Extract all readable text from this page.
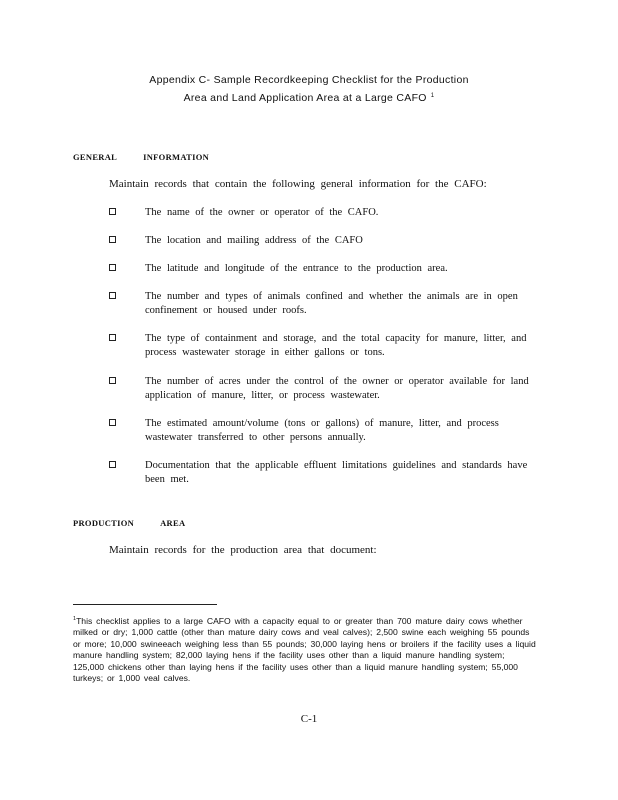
Appendix C- Sample Recordkeeping Checklist for the Production
Area and Land Application Area at a Large CAFO $^1$
GENERAL	INFORMATION
Maintain records that contain the following general information for the CAFO:
The name of the owner or operator of the CAFO.
The location and mailing address of the CAFO
The latitude and longitude of the entrance to the production area.
The number and types of animals confined and whether the animals are in open confinement or housed under roofs.
The type of containment and storage, and the total capacity for manure, litter, and process wastewater storage in either gallons or tons.
The number of acres under the control of the owner or operator available for land application of manure, litter, or process wastewater.
The estimated amount/volume (tons or gallons) of manure, litter, and process wastewater transferred to other persons annually.
Documentation that the applicable effluent limitations guidelines and standards have been met.
PRODUCTION	AREA
Maintain records for the production area that document:
$^1$This checklist applies to a large CAFO with a capacity equal to or greater than 700 mature dairy cows whether milked or dry; 1,000 cattle (other than mature dairy cows and veal calves); 2,500 swine each weighing 55 pounds or more; 10,000 swineeach weighing less than 55 pounds; 30,000 laying hens or broilers if the facility uses a liquid manure handling system; 82,000 laying hens if the facility uses other than a liquid manure handling system; 125,000 chickens other than laying hens if the facility uses other than a liquid manure handling system; 55,000 turkeys; or 1,000 veal calves.
C-1
